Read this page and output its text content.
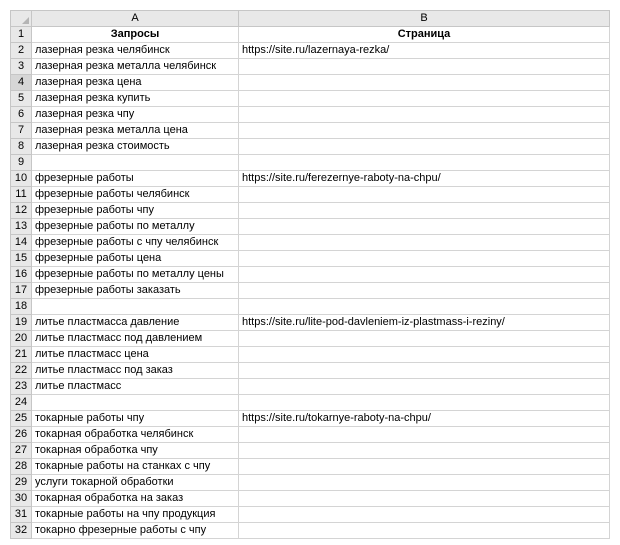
	A	B
1	Запросы	Страница
2	лазерная резка челябинск	https://site.ru/lazernaya-rezka/
3	лазерная резка металла челябинск	
4	лазерная резка цена	
5	лазерная резка купить	
6	лазерная резка чпу	
7	лазерная резка металла цена	
8	лазерная резка стоимость	
9		
10	фрезерные работы	https://site.ru/ferezernye-raboty-na-chpu/
11	фрезерные работы челябинск	
12	фрезерные работы чпу	
13	фрезерные работы по металлу	
14	фрезерные работы с чпу челябинск	
15	фрезерные работы цена	
16	фрезерные работы по металлу цены	
17	фрезерные работы заказать	
18		
19	литье пластмасса давление	https://site.ru/lite-pod-davleniem-iz-plastmass-i-reziny/
20	литье пластмасс под давлением	
21	литье пластмасс цена	
22	литье пластмасс под заказ	
23	литье пластмасс	
24		
25	токарные работы чпу	https://site.ru/tokarnye-raboty-na-chpu/
26	токарная обработка челябинск	
27	токарная обработка чпу	
28	токарные работы на станках с чпу	
29	услуги токарной обработки	
30	токарная обработка на заказ	
31	токарные работы на чпу продукция	
32	токарно фрезерные работы с чпу	
